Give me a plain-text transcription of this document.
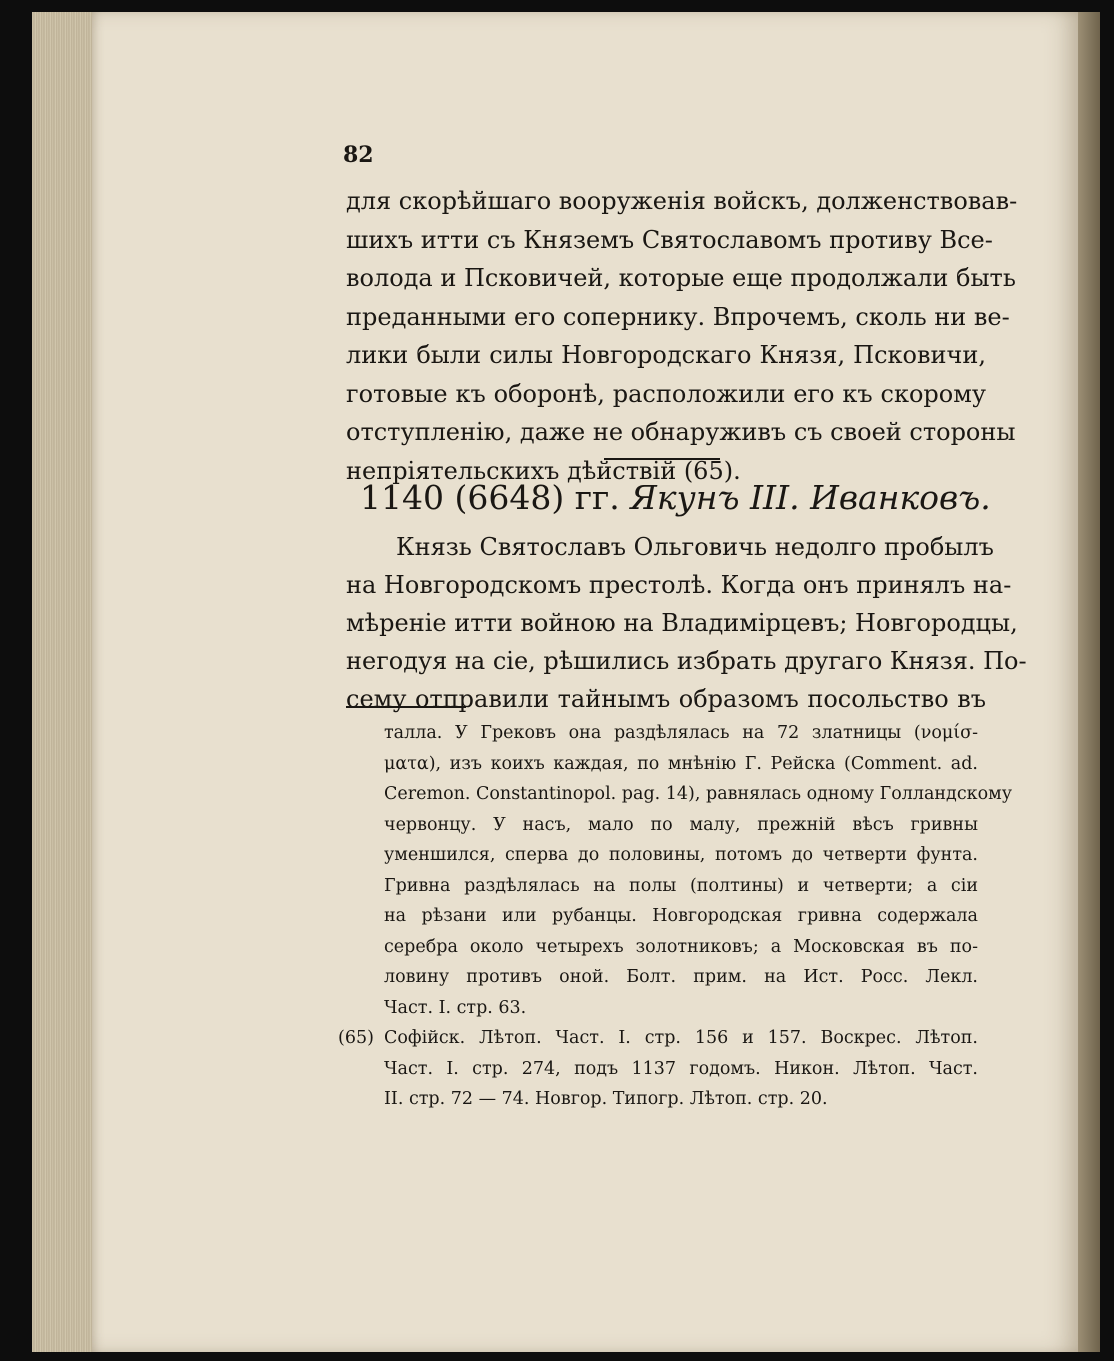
82
для скорѣйшаго вооруженія войскъ, долженствовав-
шихъ итти съ Княземъ Святославомъ противу Все-
волода и Псковичей, которые еще продолжали быть
преданными его сопернику. Впрочемъ, сколь ни ве-
лики были силы Новгородскаго Князя, Псковичи,
готовые къ оборонѣ, расположили его къ скорому
отступленію, даже не обнаруживъ съ своей стороны
непріятельскихъ дѣйствій (65).
1140 (6648) гг. Якунъ III. Иванковъ.
Князь Святославъ Ольговичь недолго пробылъ
на Новгородскомъ престолѣ. Когда онъ принялъ на-
мѣреніе итти войною на Владимірцевъ; Новгородцы,
негодуя на сіе, рѣшились избрать другаго Князя. По-
сему отправили тайнымъ образомъ посольство въ
талла. У Грековъ она раздѣлялась на 72 златницы (νομίσ-
ματα), изъ коихъ каждая, по мнѣнію Г. Рейска (Comment. ad.
Ceremon. Constantinopol. pag. 14), равнялась одному Голландскому
червонцу. У насъ, мало по малу, прежній вѣсъ гривны
уменшился, сперва до половины, потомъ до четверти фунта.
Гривна раздѣлялась на полы (полтины) и четверти; а сіи
на рѣзани или рубанцы. Новгородская гривна содержала
серебра около четырехъ золотниковъ; а Московская въ по-
ловину противъ оной. Болт. прим. на Ист. Росс. Лекл.
Част. I. стр. 63.
(65) Софійск. Лѣтоп. Част. I. стр. 156 и 157. Воскрес. Лѣтоп.
Част. I. стр. 274, подъ 1137 годомъ. Никон. Лѣтоп. Част.
II. стр. 72 — 74. Новгор. Типогр. Лѣтоп. стр. 20.
